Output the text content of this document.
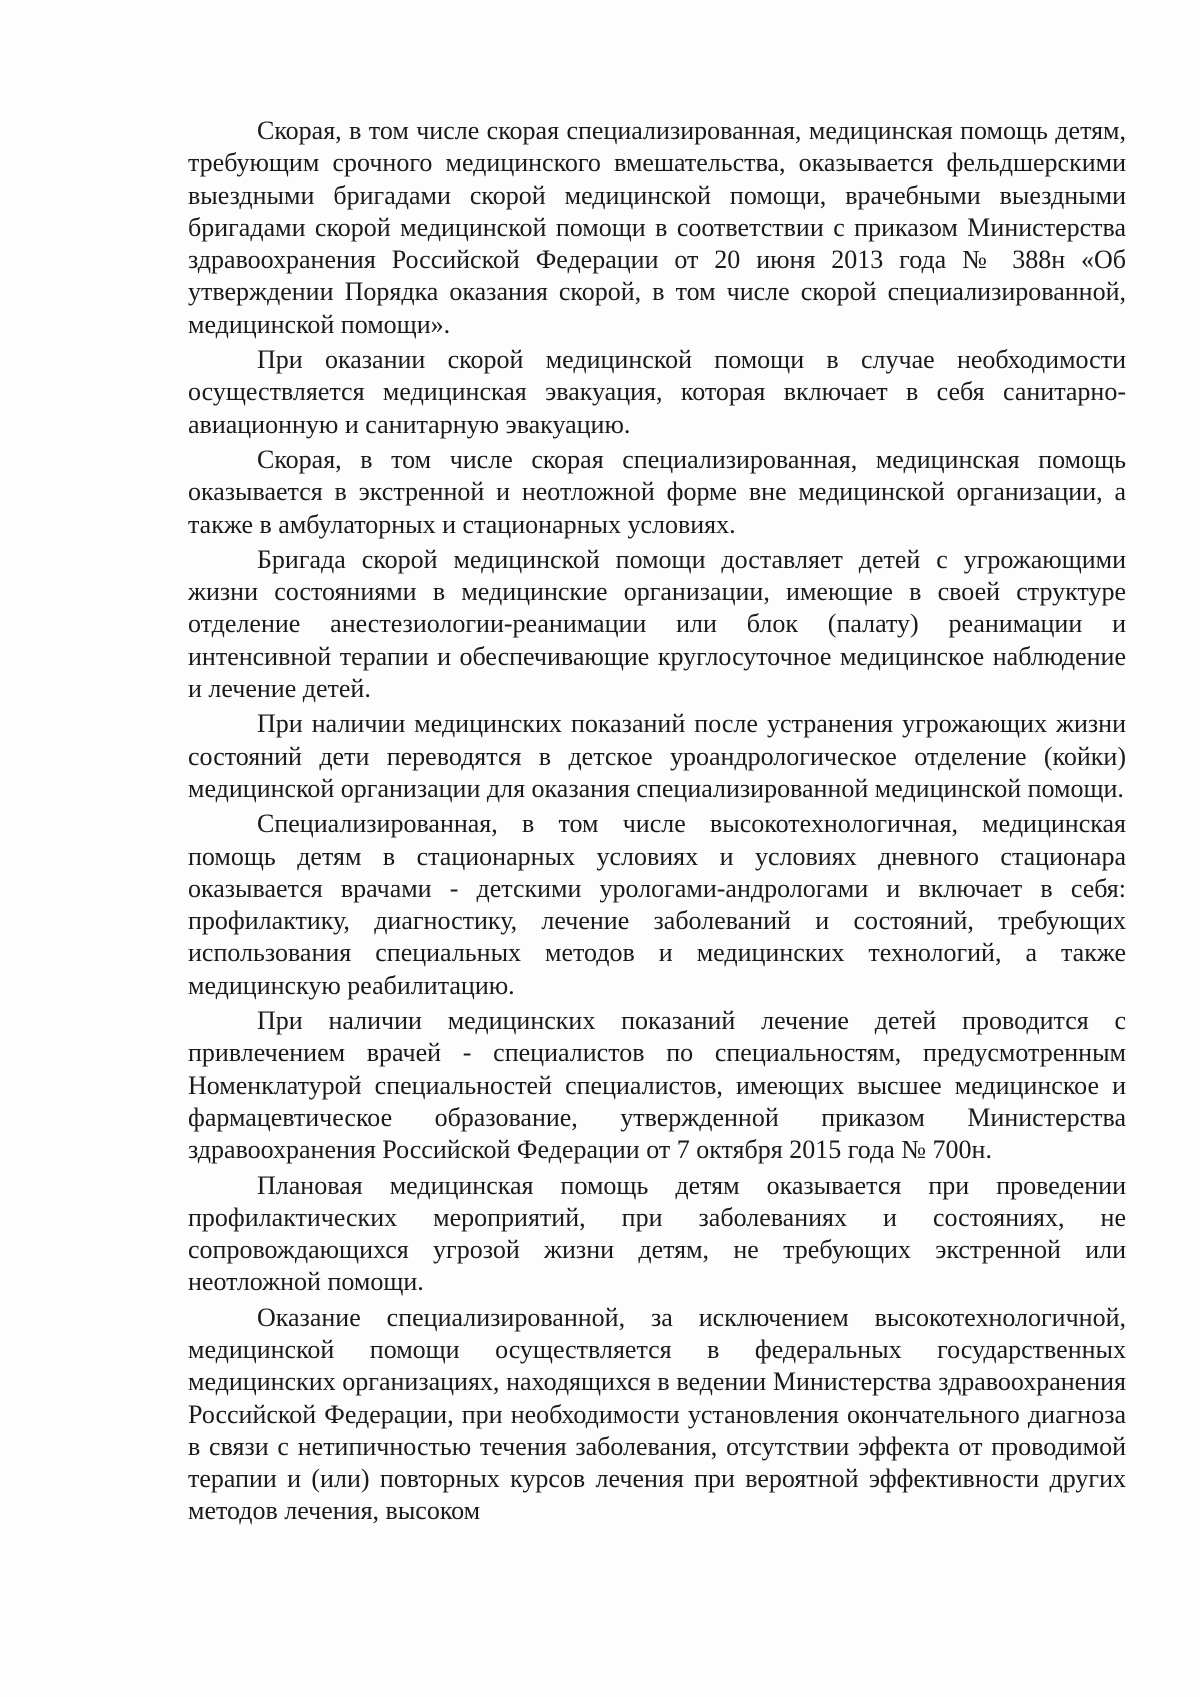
Скорая, в том числе скорая специализированная, медицинская помощь детям, требующим срочного медицинского вмешательства, оказывается фельдшерскими выездными бригадами скорой медицинской помощи, врачебными выездными бригадами скорой медицинской помощи в соответствии с приказом Министерства здравоохранения Российской Федерации от 20 июня 2013 года № 388н «Об утверждении Порядка оказания скорой, в том числе скорой специализированной, медицинской помощи».

При оказании скорой медицинской помощи в случае необходимости осуществляется медицинская эвакуация, которая включает в себя санитарно-авиационную и санитарную эвакуацию.

Скорая, в том числе скорая специализированная, медицинская помощь оказывается в экстренной и неотложной форме вне медицинской организации, а также в амбулаторных и стационарных условиях.

Бригада скорой медицинской помощи доставляет детей с угрожающими жизни состояниями в медицинские организации, имеющие в своей структуре отделение анестезиологии-реанимации или блок (палату) реанимации и интенсивной терапии и обеспечивающие круглосуточное медицинское наблюдение и лечение детей.

При наличии медицинских показаний после устранения угрожающих жизни состояний дети переводятся в детское уроандрологическое отделение (койки) медицинской организации для оказания специализированной медицинской помощи.

Специализированная, в том числе высокотехнологичная, медицинская помощь детям в стационарных условиях и условиях дневного стационара оказывается врачами - детскими урологами-андрологами и включает в себя: профилактику, диагностику, лечение заболеваний и состояний, требующих использования специальных методов и медицинских технологий, а также медицинскую реабилитацию.

При наличии медицинских показаний лечение детей проводится с привлечением врачей - специалистов по специальностям, предусмотренным Номенклатурой специальностей специалистов, имеющих высшее медицинское и фармацевтическое образование, утвержденной приказом Министерства здравоохранения Российской Федерации от 7 октября 2015 года № 700н.

Плановая медицинская помощь детям оказывается при проведении профилактических мероприятий, при заболеваниях и состояниях, не сопровождающихся угрозой жизни детям, не требующих экстренной или неотложной помощи.

Оказание специализированной, за исключением высокотехнологичной, медицинской помощи осуществляется в федеральных государственных медицинских организациях, находящихся в ведении Министерства здравоохранения Российской Федерации, при необходимости установления окончательного диагноза в связи с нетипичностью течения заболевания, отсутствии эффекта от проводимой терапии и (или) повторных курсов лечения при вероятной эффективности других методов лечения, высоком
